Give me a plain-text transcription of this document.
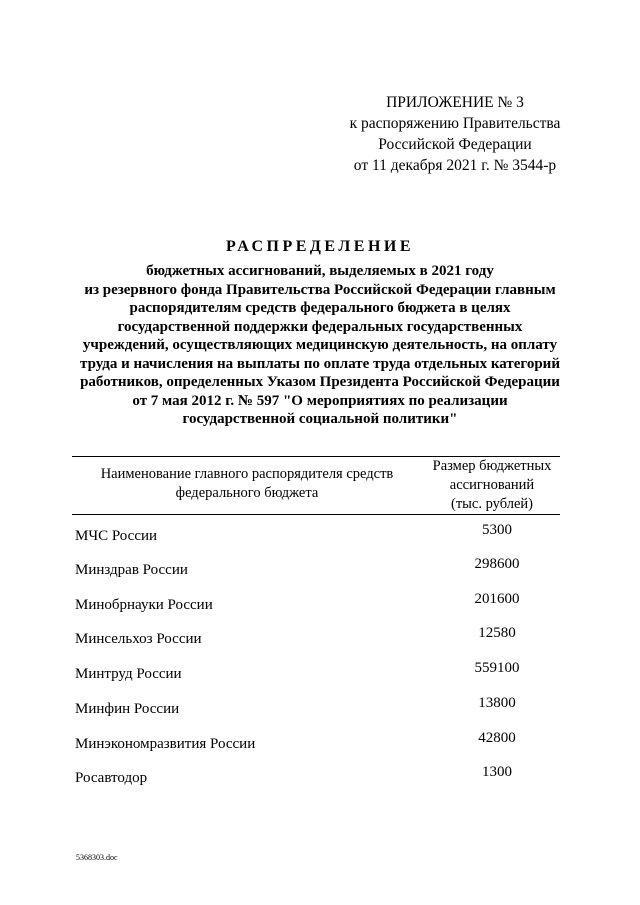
ПРИЛОЖЕНИЕ № 3
к распоряжению Правительства
Российской Федерации
от 11 декабря 2021 г. № 3544-р
РАСПРЕДЕЛЕНИЕ
бюджетных ассигнований, выделяемых в 2021 году
из резервного фонда Правительства Российской Федерации главным
распорядителям средств федерального бюджета в целях
государственной поддержки федеральных государственных
учреждений, осуществляющих медицинскую деятельность, на оплату
труда и начисления на выплаты по оплате труда отдельных категорий
работников, определенных Указом Президента Российской Федерации
от 7 мая 2012 г. № 597 "О мероприятиях по реализации
государственной социальной политики"
Наименование главного распорядителя средств
федерального бюджета
Размер бюджетных
ассигнований
(тыс. рублей)
МЧС России	5300
Минздрав России	298600
Минобрнауки России	201600
Минсельхоз России	12580
Минтруд России	559100
Минфин России	13800
Минэкономразвития России	42800
Росавтодор	1300
5368303.doc
